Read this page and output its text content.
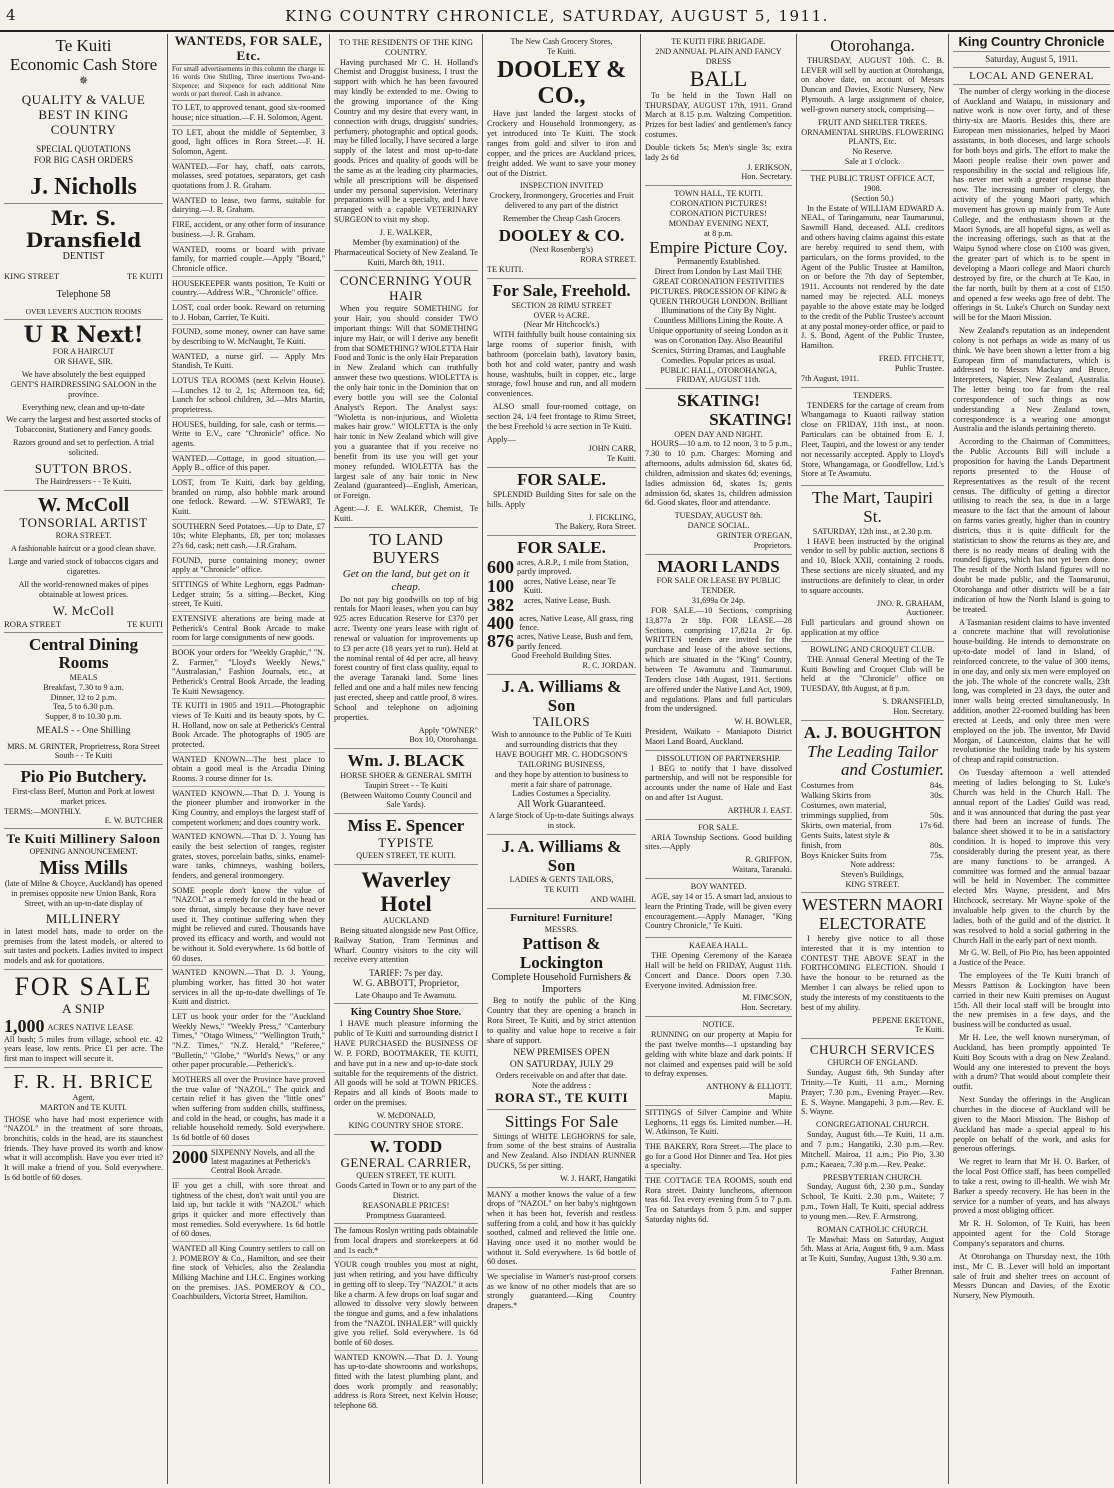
4	KING COUNTRY CHRONICLE, SATURDAY, AUGUST 5, 1911.
Te Kuiti
Economic Cash Store
✵
QUALITY & VALUE
BEST IN KING COUNTRY
SPECIAL QUOTATIONS
FOR BIG CASH ORDERS
J. Nicholls
Mr. S. Dransfield
DENTIST
KING STREET	TE KUITI
Telephone 58
OVER LEVER'S AUCTION ROOMS
U R Next!
FOR A HAIRCUT
OR SHAVE, SIR.
We have absolutely the best equipped
GENT'S HAIRDRESSING SALOON in the province.
Everything new, clean and up-to-date
We carry the largest and best assorted stocks of Tobacconist, Stationery and Fancy goods.
Razors ground and set to perfection. A trial solicited.
SUTTON BROS.
The Hairdressers - - Te Kuiti.
W. McColl
TONSORIAL ARTIST
RORA STREET.
A fashionable haircut or a good clean shave.
Large and varied stock of tobaccos cigars and cigarettes.
All the world-renowned makes of pipes obtainable at lowest prices.
W. McColl
RORA STREET	TE KUITI
Central Dining Rooms
MEALS
Breakfast, 7.30 to 9 a.m.
Dinner, 12 to 2 p.m.
Tea, 5 to 6.30 p.m.
Supper, 8 to 10.30 p.m.
MEALS - - One Shilling
MRS. M. GRINTER, Proprietress, Rora Street South - - Te Kuiti
Pio Pio Butchery.
First-class Beef, Mutton and Pork at lowest market prices.
TERMS:—MONTHLY.
E. W. BUTCHER
Te Kuiti Millinery Saloon
OPENING ANNOUNCEMENT.
Miss Mills
(late of Milne & Choyce, Auckland) has opened in premises opposite new Union Bank, Rora Street, with an up-to-date display of
MILLINERY
in latest model hats, made to order on the premises from the latest models, or altered to suit tastes and pockets. Ladies invited to inspect models and ask for quotations.
FOR SALE
A SNIP
1,000 ACRES NATIVE LEASE
All bush; 5 miles from village, school etc. 42 years lease, low rents. Price £1 per acre. The first man to inspect will secure it.
F. R. H. BRICE
Agent,
MARTON and TE KUITI.
THOSE who have had most experience with "NAZOL" in the treatment of sore throats, bronchitis, colds in the head, are its staunchest friends. They have proved its worth and know what it will accomplish. Have you ever tried it? It will make a friend of you. Sold everywhere. Is 6d bottle of 60 doses.
WANTEDS, FOR SALE, Etc.
For small advertisements in this column the charge is: 16 words One Shilling, Three insertions Two-and-Sixpence; and Sixpence for each additional Nine words or part thereof. Cash in advance.
TO LET, to approved tenant, good six-roomed house; nice situation.—F. H. Solomon, Agent.
TO LET, about the middle of September, 3 good, light offices in Rora Street.—F. H. Solomon, Agent.
WANTED.—For hay, chaff, oats carrots, molasses, seed potatoes, separators, get cash quotations from J. R. Graham.
WANTED to lease, two farms, suitable for dairying.—J. R. Graham.
FIRE, accident, or any other form of insurance business.—J. R. Graham.
WANTED, rooms or board with private family, for married couple.—Apply "Board," Chronicle office.
HOUSEKEEPER wants position, Te Kuiti or country.—Address W.R., "Chronicle" office.
LOST, coal order book. Reward on returning to J. Hoban, Carrier, Te Kuiti.
FOUND, some money, owner can have same by describing to W. McNaught, Te Kuiti.
WANTED, a nurse girl. — Apply Mrs Standish, Te Kuiti.
LOTUS TEA ROOMS (next Kelvin House).—Lunches 12 to 2, 1s; Afternoon tea, 6d; Lunch for school children, 3d.—Mrs Martin, proprietress.
HOUSES, building, for sale, cash or terms.—Write to E.V., care "Chronicle" office. No agents.
WANTED.—Cottage, in good situation.—Apply B., office of this paper.
LOST, from Te Kuiti, dark bay gelding, branded on rump, also hobble mark around one fetlock. Reward. —W. STEWART, Te Kuiti.
SOUTHERN Seed Potatoes.—Up to Date, £7 10s; white Elephants, £8, per ton; molasses 27s 6d, cask; nett cash.—J.R.Graham.
FOUND, purse containing money; owner apply at "Chronicle" office.
SITTINGS of White Leghorn, eggs Padman-Ledger strain; 5s a sitting.—Becket, King street, Te Kuiti.
EXTENSIVE alterations are being made at Petherick's Central Book Arcade to make room for large consignments of new goods.
BOOK your orders for "Weekly Graphic," "N. Z. Farmer," "Lloyd's Weekly News," "Australasian," Fashion Journals, etc., at Petherick's Central Book Arcade, the leading Te Kuiti Newsagency.
TE KUITI in 1905 and 1911.—Photographic views of Te Kuiti and its beauty spots, by C. H. Holland, now on sale at Petherick's Central Book Arcade. The photographs of 1905 are protected.
WANTED KNOWN—The best place to obtain a good meal is the Arcadia Dining Rooms. 3 course dinner for 1s.
WANTED KNOWN.—That D. J. Young is the pioneer plumber and ironworker in the King Country, and employs the largest staff of competent workmen; and does country work.
WANTED KNOWN.—That D. J. Young has easily the best selection of ranges, register grates, stoves, porcelain baths, sinks, enamel-ware tanks, chimneys, washing boilers, fenders, and general ironmongery.
SOME people don't know the value of "NAZOL" as a remedy for cold in the head or sore throat, simply because they have never used it. They continue suffering when they might be relieved and cured. Thousands have proved its efficacy and worth, and would not be without it. Sold everywhere. 1s 6d bottle of 60 doses.
WANTED KNOWN.—That D. J. Young, plumbing worker, has fitted 30 hot water services in all the up-to-date dwellings of Te Kuiti and district.
LET us book your order for the "Auckland Weekly News," "Weekly Press," "Canterbury Times," "Otago Witness," "Wellington Truth," "N.Z. Times," "N.Z. Herald," "Referee," "Bulletin," "Globe," "World's News," or any other paper procurable.—Petherick's.
MOTHERS all over the Province have proved the true value of "NAZOL." The quick and certain relief it has given the "little ones" when suffering from sudden chills, stuffiness, and cold in the head, or coughs, has made it a reliable household remedy. Sold everywhere. 1s 6d bottle of 60 doses
2000 SIXPENNY Novels, and all the latest magazines at Petherick's Central Book Arcade.
IF you get a chill, with sore throat and tightness of the chest, don't wait until you are laid up, but tackle it with "NAZOL" which grips it quicker and more effectively than most remedies. Sold everywhere. 1s 6d bottle of 60 doses.
WANTED all King Country settlers to call on J. POMEROY & Co., Hamilton, and see their fine stock of Vehicles, also the Zealandia Milking Machine and I.H.C. Engines working on the premises. JAS. POMEROY & CO., Coachbuilders, Victoria Street, Hamilton.
TO THE RESIDENTS OF THE KING COUNTRY.
Having purchased Mr C. H. Holland's Chemist and Druggist business, I trust the support with which he has been favoured may kindly be extended to me. Owing to the growing importance of the King Country and my desire that every want, in connection with drugs, druggists' sundries, perfumery, photographic and optical goods, may be filled locally, I have secured a large supply of the latest and most up-to-date goods. Prices and quality of goods will be the same as at the leading city pharmacies, while all prescriptions will be dispensed under my personal supervision. Veterinary preparations will be a specialty, and I have arranged with a capable VETERINARY SURGEON to visit my shop.
J. E. WALKER,
Member (by examination) of the Pharmaceutical Society of New Zealand. Te Kuiti, March 8th, 1911.
CONCERNING YOUR HAIR
When you require SOMETHING for your Hair, you should consider TWO important things: Will that SOMETHING injure my Hair, or will I derive any benefit from that SOMETHING? WIOLETTA Hair Food and Tonic is the only Hair Preparation in New Zealand which can truthfully answer these two questions. WIOLETTA is the only hair tonic in the Dominion that on every bottle you will see the Colonial Analyst's Report. The Analyst says: "Wioletta is non-injurious, and Wioletta makes hair grow." WIOLETTA is the only hair tonic in New Zealand which will give you a guarantee that if you receive no benefit from its use you will get your money refunded. WIOLETTA has the largest sale of any hair tonic in New Zealand (guaranteed)—English, American, or Foreign.
Agent:—J. E. WALKER, Chemist, Te Kuiti.
TO LAND BUYERS
Get on the land, but get on it cheap.
Do not pay big goodwills on top of big rentals for Maori leases, when you can buy 925 acres Education Reserve for £370 per acre. Twenty one years lease with right of renewal or valuation for improvements up to £3 per acre (18 years yet to run). Held at the nominal rental of 4d per acre, all heavy forest country of first class quality, equal to the average Taranaki land. Some lines felled and one and a half miles new fencing just erected, sheep and cattle proof, 8 wires. School and telephone on adjoining properties.
Apply "OWNER"
Box 10, Otorohanga.
Wm. J. BLACK
HORSE SHOER & GENERAL SMITH
Taupiri Street - - Te Kuiti
(Between Waitomo County Council and Sale Yards).
Miss E. Spencer
TYPISTE
QUEEN STREET, TE KUITI.
Waverley Hotel
AUCKLAND
Being situated alongside new Post Office, Railway Station, Tram Terminus and Wharf. Country visitors to the city will receive every attention
TARIFF: 7s per day.
W. G. ABBOTT, Proprietor,
Late Ohaupo and Te Awamutu.
King Country Shoe Store.
I HAVE much pleasure informing the public of Te Kuiti and surrounding district I HAVE PURCHASED the BUSINESS OF W. P. FORD, BOOTMAKER, TE KUITI, and have put in a new and up-to-date stock suitable for the requirements of the district. All goods will be sold at TOWN PRICES. Repairs and all kinds of Boots made to order on the premises.
W. McDONALD,
KING COUNTRY SHOE STORE.
W. TODD
GENERAL CARRIER,
QUEEN STREET, TE KUITI.
Goods Carted in Town or to any part of the District.
REASONABLE PRICES!
Promptness Guaranteed.
The famous Roslyn writing pads obtainable from local drapers and storekeepers at 6d and 1s each.*
YOUR cough troubles you most at night, just when retiring, and you have difficulty in getting off to sleep. Try "NAZOL" it acts like a charm. A few drops on loaf sugar and allowed to dissolve very slowly between the tongue and gums, and a few inhalations from the "NAZOL INHALER" will quickly give you relief. Sold everywhere. 1s 6d bottle of 60 doses.
WANTED KNOWN.—That D. J. Young has up-to-date showrooms and workshops, fitted with the latest plumbing plant, and does work promptly and reasonably; address is Rora Street, next Kelvin House; telephone 68.
The New Cash Grocery Stores,
Te Kuiti.
DOOLEY & CO.,
Have just landed the largest stocks of Crockery and Household Ironmongery, as yet introduced into Te Kuiti. The stock ranges from gold and silver to iron and copper, and the prices are Auckland prices, freight added. We want to save your money out of the District.
INSPECTION INVITED
Crockery, Ironmongery, Groceries and Fruit delivered to any part of the district
Remember the Cheap Cash Grocers
DOOLEY & CO.
(Next Rosenberg's)
RORA STREET.
TE KUITI.
For Sale, Freehold.
SECTION 28 RIMU STREET
OVER ½ ACRE.
(Near Mr Hitchcock's.)
WITH faithfully built house containing six large rooms of superior finish, with bathroom (porcelain bath), lavatory basin, both hot and cold water, pantry and wash house, washtubs, built in copper, etc., large storage, fowl house and run, and all modern conveniences.
ALSO small four-roomed cottage, on section 24, 1/4 feet frontage to Rimu Street, the best Freehold ¼ acre section in Te Kuiti.
Apply—
JOHN CARR,
Te Kuiti.
FOR SALE.
SPLENDID Building Sites for sale on the hills. Apply
J. FICKLING,
The Bakery, Rora Street.
FOR SALE.
600 acres, A.R.P., 1 mile from Station, partly improved.
100	acres, Native Lease, near Te Kuiti.
382	acres, Native Lease, Bush.
400 acres, Native Lease, All grass, ring fence.
876 acres, Native Lease, Bush and fern, partly fenced.
Good Freehold Building Sites.
R. C. JORDAN.
J. A. Williams & Son
TAILORS
Wish to announce to the Public of Te Kuiti and surrounding districts that they
HAVE BOUGHT MR. C. HODGSON'S TAILORING BUSINESS,
and they hope by attention to business to merit a fair share of patronage.
Ladies Costumes a Speciality.
All Work Guaranteed.
A large Stock of Up-to-date Suitings always in stock.
J. A. Williams & Son
LADIES & GENTS TAILORS,
TE KUITI
AND WAIHI.
Furniture! Furniture!
MESSRS.
Pattison & Lockington
Complete Household Furnishers & Importers
Beg to notify the public of the King Country that they are opening a branch in Rora Street, Te Kuiti, and by strict attention to quality and value hope to receive a fair share of support.
NEW PREMISES OPEN
ON SATURDAY, JULY 29
Orders receivable on and after that date.
Note the address :
RORA ST., TE KUITI
Sittings For Sale
Sittings of WHITE LEGHORNS for sale, from some of the best strains of Australia and New Zealand. Also INDIAN RUNNER DUCKS, 5s per sitting.
W. J. HART, Hangatiki
MANY a mother knows the value of a few drops of "NAZOL" on her baby's nightgown when it has been hot, feverish and restless suffering from a cold, and how it has quickly soothed, calmed and relieved the little one. Having once used it no mother would be without it. Sold everywhere. 1s 6d bottle of 60 doses.
We specialise in Warner's rust-proof corsets as we know of no other models that are so strongly guaranteed.—King Country drapers.*
TE KUITI FIRE BRIGADE.
2ND ANNUAL PLAIN AND FANCY DRESS
BALL
To be held in the Town Hall on THURSDAY, AUGUST 17th, 1911. Grand March at 8.15 p.m. Waltzing Competition. Prizes for best ladies' and gentlemen's fancy costumes.
Double tickets 5s; Men's single 3s; extra lady 2s 6d
J. ERIKSON,
Hon. Secretary.
TOWN HALL, TE KUITI.
CORONATION PICTURES!
CORONATION PICTURES!
MONDAY EVENING NEXT,
at 8 p.m.
Empire Picture Coy.
Permanently Established.
Direct from London by Last Mail THE GREAT CORONATION FESTIVITIES PICTURES. PROCESSION OF KING & QUEEN THROUGH LONDON. Brilliant Illuminations of the City By Night. Countless Millions Lining the Route. A Unique opportunity of seeing London as it was on Coronation Day. Also Beautiful Scenics, Stirring Dramas, and Laughable Comedies. Popular prices as usual.
PUBLIC HALL, OTOROHANGA,
FRIDAY, AUGUST 11th.
SKATING!
SKATING!
OPEN DAY AND NIGHT.
HOURS—10 a.m. to 12 noon, 3 to 5 p.m., 7.30 to 10 p.m. Charges: Morning and afternoons, adults admission 6d, skates 6d, children, admission and skates 6d; evenings, ladies admission 6d, skates 1s, gents admission 6d, skates 1s, children admission 6d. Good skates, floor and attendance.
TUESDAY, AUGUST 8th.
DANCE SOCIAL.
GRINTER O'REGAN,
Proprietors.
MAORI LANDS
FOR SALE OR LEASE BY PUBLIC TENDER.
31,699a Or 24p.
FOR SALE.—10 Sections, comprising 13,877a 2r 18p. FOR LEASE.—28 Sections, comprising 17,821a 2r 6p. WRITTEN tenders are invited for the purchase and lease of the above sections, which are situated in the "King" Country, between Te Awamutu and Taumarunui. Tenders close 14th August, 1911. Sections are offered under the Native Land Act, 1909, and regulations. Plans and full particulars from the undersigned.
W. H. BOWLER,
President, Waikato - Maniapoto District Maori Land Board, Auckland.
DISSOLUTION OF PARTNERSHIP.
I BEG to notify that I have dissolved partnership, and will not be responsible for accounts under the name of Hale and East on and after 1st August.
ARTHUR J. EAST.
FOR SALE.
ARIA Township Sections. Good building sites.—Apply
R. GRIFFON,
Waitara, Taranaki.
BOY WANTED.
AGE, say 14 or 15. A smart lad, anxious to learn the Printing Trade, will be given every encouragement.—Apply Manager, "King Country Chronicle," Te Kuiti.
KAEAEA HALL.
THE Opening Ceremony of the Kaeaea Hall will be held on FRIDAY, August 11th. Concert and Dance. Doors open 7.30. Everyone invited. Admission free.
M. FIMCSON,
Hon. Secretary.
NOTICE.
RUNNING on our property at Mapiu for the past twelve months—1 upstanding bay gelding with white blaze and dark points. If not claimed and expenses paid will be sold to defray expenses.
ANTHONY & ELLIOTT.
Mapiu.
SITTINGS of Silver Campine and White Leghorns, 11 eggs 6s. Limited number.—H. W. Atkinson, Te Kuiti.
THE BAKERY, Rora Street.—The place to go for a Good Hot Dinner and Tea. Hot pies a specialty.
THE COTTAGE TEA ROOMS, south end Rora street. Dainty luncheons, afternoon teas 6d. Tea every evening from 5 to 7 p.m. Tea on Saturdays from 5 p.m. and supper Saturday nights 6d.
Otorohanga.
THURSDAY, AUGUST 10th. C. B. LEVER will sell by auction at Otorohanga, on above date, on account of Messrs Duncan and Davies, Exotic Nursery, New Plymouth. A large assignment of choice, well-grown nursery stock, comprising—
FRUIT AND SHELTER TREES. ORNAMENTAL SHRUBS. FLOWERING PLANTS, Etc.
No Reserve.
Sale at 1 o'clock.
THE PUBLIC TRUST OFFICE ACT, 1908.
(Section 50.)
In the Estate of WILLIAM EDWARD A. NEAL, of Taringamutu, near Taumarunui, Sawmill Hand, deceased. ALL creditors and others having claims against this estate are hereby required to send them, with particulars, on the forms provided, to the Agent of the Public Trustee at Hamilton, on or before the 7th day of September, 1911. Accounts not rendered by the date named may be rejected. ALL moneys payable to the above estate may be lodged to the credit of the Public Trustee's account at any postal money-order office, or paid to J. S. Bond, Agent of the Public Trustee, Hamilton.
FRED. FITCHETT,
Public Trustee.
7th August, 1911.
TENDERS.
TENDERS for the cartage of cream from Whangamaga to Kuaoti railway station close on FRIDAY, 11th inst., at noon. Particulars can be obtained from E. J. Fleet, Taupiri, and the lowest or any tender not necessarily accepted. Apply to Lloyd's Store, Whangamaga, or Goodfellow, Ltd.'s Store at Te Awamutu.
The Mart, Taupiri St.
SATURDAY, 12th inst., at 2.30 p.m.
I HAVE been instructed by the original vendor to sell by public auction, sections 8 and 10, Block XXII, containing 2 roods. These sections are nicely situated, and my instructions are definitely to clear, in order to square accounts.
JNO. R. GRAHAM,
Auctioneer.
Full particulars and ground shown on application at my office
BOWLING AND CROQUET CLUB.
THE Annual General Meeting of the Te Kuiti Bowling and Croquet Club will be held at the "Chronicle" office on TUESDAY, 8th August, at 8 p.m.
S. DRANSFIELD,
Hon. Secretary.
A. J. BOUGHTON
The Leading Tailor
and Costumier.
Costumes from	84s.
Walking Skirts from	30s.
Costumes, own material,
trimmings supplied, from	50s.
Skirts, own material, from	17s 6d.
Gents Suits, latest style &
finish, from	80s.
Boys Knicker Suits from	75s.
Note address:
Steven's Buildings,
KING STREET.
WESTERN MAORI ELECTORATE
I hereby give notice to all those interested that it is my intention to CONTEST THE ABOVE SEAT in the FORTHCOMING ELECTION. Should I have the honour to be returned as the Member I can always be relied upon to study the interests of my constituents to the best of my ability.
PEPENE EKETONE,
Te Kuiti.
CHURCH SERVICES
CHURCH OF ENGLAND.
Sunday, August 6th, 9th Sunday after Trinity.—Te Kuiti, 11 a.m., Morning Prayer; 7.30 p.m., Evening Prayer.—Rev. E. S. Wayne. Mangapehi, 3 p.m.—Rev. E. S. Wayne.
CONGREGATIONAL CHURCH.
Sunday, August 6th.—Te Kuiti, 11 a.m. and 7 p.m.; Hangatiki, 2.30 p.m.—Rev. Mitchell. Mairoa, 11 a.m.; Pio Pio, 3.30 p.m.; Kaeaea, 7.30 p.m.—Rev. Peake.
PRESBYTERIAN CHURCH.
Sunday, August 6th, 2.30 p.m., Sunday School, Te Kuiti. 2.30 p.m., Waitete; 7 p.m., Town Hall, Te Kuiti, special address to young men.—Rev. F. Armstrong.
ROMAN CATHOLIC CHURCH.
Te Mawhai: Mass on Saturday, August 5th. Mass at Aria, August 6th, 9 a.m. Mass at Te Kuiti, Sunday, August 13th, 9.30 a.m.
Father Brennan.
King Country Chronicle
Saturday, August 5, 1911.
LOCAL AND GENERAL

The number of clergy working in the diocese of Auckland and Waiapu, in missionary and native work is now over forty, and of these thirty-six are Maoris. Besides this, there are European men missionaries, helped by Maori assistants, in both dioceses, and large schools for both boys and girls. The effort to make the Maori people realise their own power and responsibility in the social and religious life, has never met with a greater response than now. The increasing number of clergy, the activity of the young Maori party, which movement has grown up mainly from Te Aute College, and the enthusiasm shown at the Maori Synods, are all hopeful signs, as well as the increasing offerings, such as that at the Waipu Synod where close on £100 was given, the greater part of which is to be spent in developing a Maori college and Maori church destroyed by fire, or the church at Te Kao, in the far north, built by them at a cost of £150 and opened a few weeks ago free of debt. The offerings in St. Luke's Church on Sunday next will be for the Maori Mission.

New Zealand's reputation as an independent colony is not perhaps as wide as many of us think. We have been shown a letter from a big European firm of manufacturers, which is addressed to Messrs Mackay and Bruce, Interpreters, Napier, New Zealand, Australia. The letter being too far from the real correspondence of such things as now understanding a New Zealand town, correspondence is a wearing one amongst Australia and the islands pertaining thereto.

According to the Chairman of Committees, the Public Accounts Bill will include a proposition for having the Lands Department reports presented to the House of Representatives as the result of the recent census. The difficulty of getting a director utilising to reach the sea, is due in a large measure to the fact that the amount of labour on farms varies greatly, higher than in country districts, thus it is quite difficult for the statistician to show the returns as they are, and there is no ready means of dealing with the rounded figures, which has not yet been done. The result of the North Island figures will no doubt be made public, and the Taumarunui, Otorohanga and other districts will be a fair indication of how the North Island is going to be treated.

A Tasmanian resident claims to have invented a concrete machine that will revolutionise house-building. He intends to demonstrate on up-to-date model of land in Island, of reinforced concrete, to the value of 300 items, in one day, and only six men were employed on the job. The whole of the concrete walls, 23ft long, was completed in 23 days, the outer and inner walls being erected simultaneously. In addition, another 22-roomed building has been erected at Leeds, and only three men were employed on the job. The inventor, Mr David Morgan, of Launceston, claims that he will revolutionise the building trade by his system of cheap and rapid construction.

On Tuesday afternoon a well attended meeting of ladies belonging to St. Luke's Church was held in the Church Hall. The annual report of the Ladies' Guild was read, and it was announced that during the past year there had been an increase of funds. The balance sheet showed it to be in a satisfactory condition. It is hoped to improve this very considerably during the present year, as there are many functions to be arranged. A committee was formed and the annual bazaar will be held in November. The committee elected Mrs Wayne, president, and Mrs Hitchcock, secretary. Mr Wayne spoke of the invaluable help given to the church by the ladies, both of the guild and of the district. It was resolved to hold a social gathering in the Church Hall in the early part of next month.

Mr G. W. Bell, of Pio Pio, has been appointed a Justice of the Peace.

The employees of the Te Kuiti branch of Messrs Pattison & Lockington have been carried in their new Kuiti premises on August 15th. All their local staff will be brought into the new premises in a few days, and the business will be conducted as usual.

Mr H. Lee, the well known nurseryman, of Auckland, has been promptly appointed Te Kuiti Boy Scouts with a drag on New Zealand. Would any one interested to prevent the boys with a drum? That would about complete their outfit.

Next Sunday the offerings in the Anglican churches in the diocese of Auckland will be given to the Maori Mission. The Bishop of Auckland has made a special appeal to his people on behalf of the work, and asks for generous offerings.

We regret to learn that Mr H. O. Barker, of the local Post Office staff, has been compelled to take a rest, owing to ill-health. We wish Mr Barker a speedy recovery. He has been in the service for a number of years, and has always proved a most obliging officer.

Mr R. H. Solomon, of Te Kuiti, has been appointed agent for the Cold Storage Company's separators and churns.

At Otorohanga on Thursday next, the 10th inst., Mr C. B. Lever will hold an important sale of fruit and shelter trees on account of Messrs Duncan and Davies, of the Exotic Nursery, New Plymouth.
